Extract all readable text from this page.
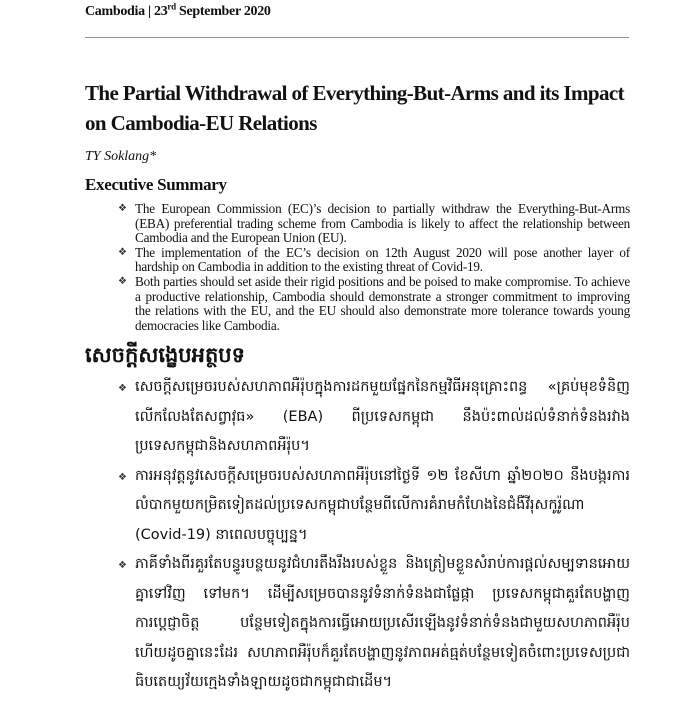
Cambodia | 23rd September 2020
The Partial Withdrawal of Everything-But-Arms and its Impact on Cambodia-EU Relations
TY Soklang*
Executive Summary
❖ The European Commission (EC)’s decision to partially withdraw the Everything-But-Arms (EBA) preferential trading scheme from Cambodia is likely to affect the relationship between Cambodia and the European Union (EU).
❖ The implementation of the EC’s decision on 12th August 2020 will pose another layer of hardship on Cambodia in addition to the existing threat of Covid-19.
❖ Both parties should set aside their rigid positions and be poised to make compromise. To achieve a productive relationship, Cambodia should demonstrate a stronger commitment to improving the relations with the EU, and the EU should also demonstrate more tolerance towards young democracies like Cambodia.
សេចក្តីសង្ខេបអត្ថបទ
❖ សេចក្តីសម្រេចរបស់សហភាពអឺរ៉ុបក្នុងការដកមួយផ្នែកនៃកម្មវិធីអនុគ្រោះពន្ធ «គ្រប់មុខទំនិញលើកលែងតែសព្វាវុធ» (EBA) ពីប្រទេសកម្ពុជា នឹងប៉ះពាល់ដល់ទំនាក់ទំនងរវាងប្រទេសកម្ពុជានិងសហភាពអឺរ៉ុប។
❖ ការអនុវត្តនូវសេចក្តីសម្រេចរបស់សហភាពអឺរ៉ុបនៅថ្ងៃទី ១២ ខែសីហា ឆ្នាំ២០២០ នឹងបង្ករការលំបាកមួយកម្រិតទៀតដល់ប្រទេសកម្ពុជាបន្ថែមពីលើការគំរាមកំហែងនៃជំងឺវីរុសកូរ៉ូណា (Covid-19) នាពេលបច្ចុប្បន្ន។
❖ ភាគីទាំងពីរគួរតែបន្ធូរបន្ថយនូវជំហរតឹងរឹងរបស់ខ្លួន និងត្រៀមខ្លួនសំរាប់ការផ្តល់សម្បទានអោយគ្នាទៅវិញ ទៅមក។ ដើម្បីសម្រេចបាននូវទំនាក់ទំនងជាផ្លែផ្កា ប្រទេសកម្ពុជាគួរតែបង្ហាញការប្តេជ្ញាចិត្ត បន្ថែមទៀតក្នុងការធ្វើអោយប្រសើរឡើងនូវទំនាក់ទំនងជាមួយសហភាពអឺរ៉ុប ហើយដូចគ្នានេះដែរ សហភាពអឺរ៉ុបក៏គួរតែបង្ហាញនូវភាពអត់ធ្មត់បន្ថែមទៀតចំពោះប្រទេសប្រជាធិបតេយ្យវ័យក្មេងទាំងឡាយដូចជាកម្ពុជាជាដើម។
